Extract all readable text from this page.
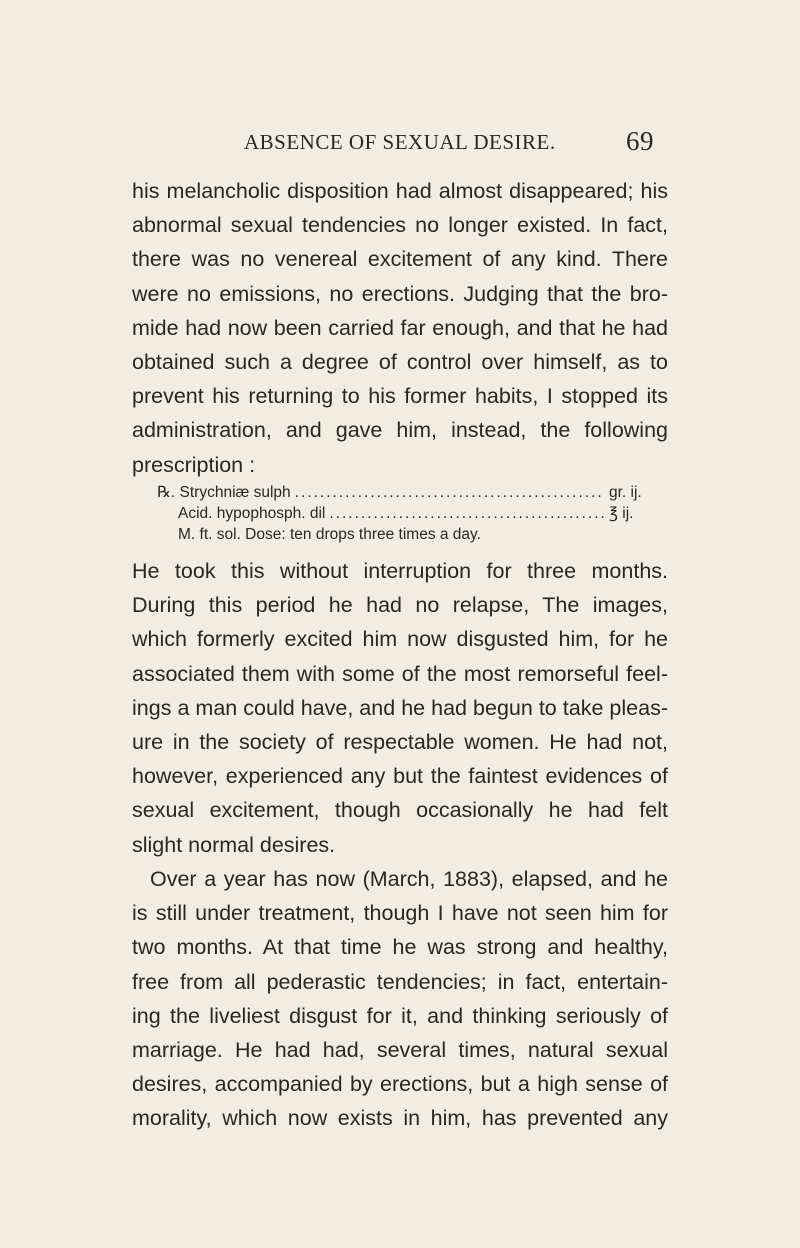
ABSENCE OF SEXUAL DESIRE.	69
his melancholic disposition had almost disappeared; his
abnormal sexual tendencies no longer existed. In fact,
there was no venereal excitement of any kind. There
were no emissions, no erections. Judging that the bro-
mide had now been carried far enough, and that he had
obtained such a degree of control over himself, as to
prevent his returning to his former habits, I stopped its
administration, and gave him, instead, the following
prescription :
℞. Strychniæ sulph .....	gr. ij.
Acid. hypophosph. dil .....	℥ ij.
M. ft. sol. Dose: ten drops three times a day.
He took this without interruption for three months.
During this period he had no relapse, The images,
which formerly excited him now disgusted him, for he
associated them with some of the most remorseful feel-
ings a man could have, and he had begun to take pleas-
ure in the society of respectable women. He had not,
however, experienced any but the faintest evidences of
sexual excitement, though occasionally he had felt
slight normal desires.
Over a year has now (March, 1883), elapsed, and he
is still under treatment, though I have not seen him for
two months. At that time he was strong and healthy,
free from all pederastic tendencies; in fact, entertain-
ing the liveliest disgust for it, and thinking seriously of
marriage. He had had, several times, natural sexual
desires, accompanied by erections, but a high sense of
morality, which now exists in him, has prevented any
